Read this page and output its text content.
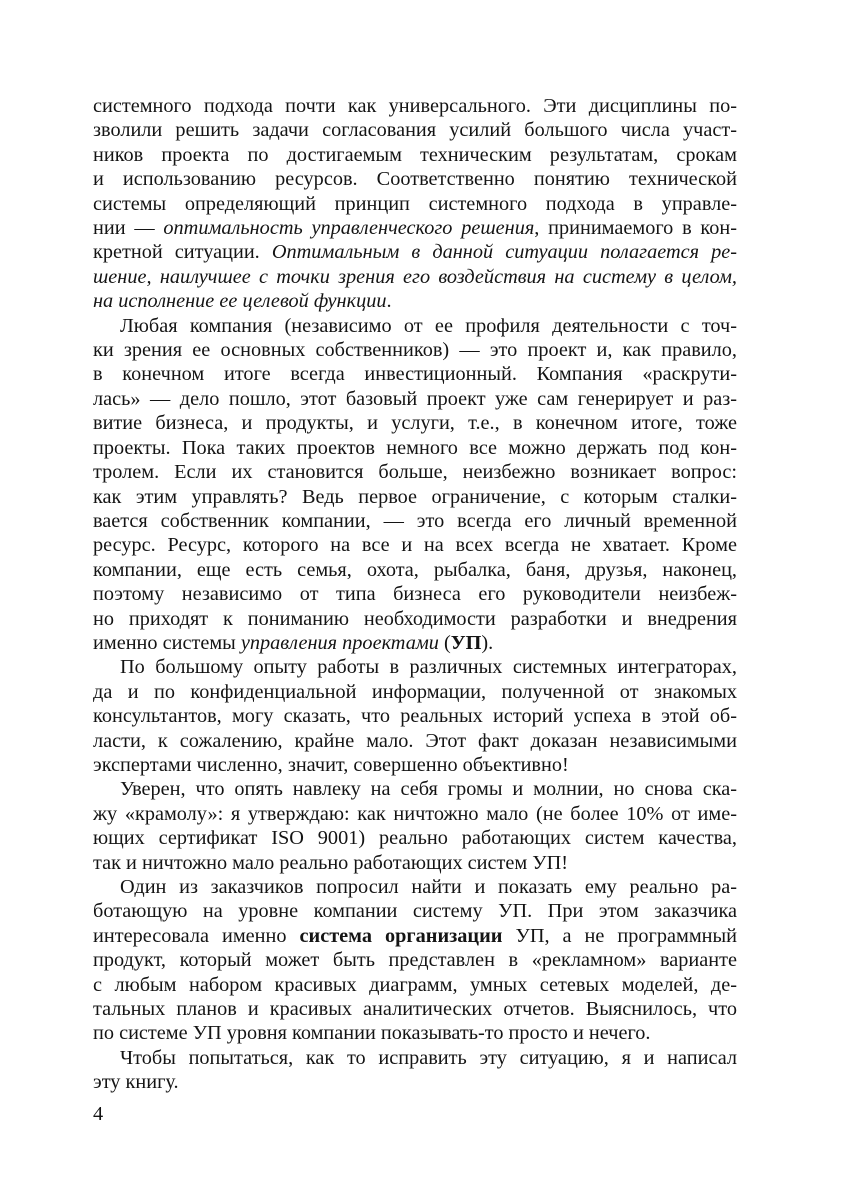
системного подхода почти как универсального. Эти дисциплины по-
зволили решить задачи согласования усилий большого числа участ-
ников проекта по достигаемым техническим результатам, срокам
и использованию ресурсов. Соответственно понятию технической
системы определяющий принцип системного подхода в управле-
нии — оптимальность управленческого решения, принимаемого в кон-
кретной ситуации. Оптимальным в данной ситуации полагается ре-
шение, наилучшее с точки зрения его воздействия на систему в целом,
на исполнение ее целевой функции.
Любая компания (независимо от ее профиля деятельности с точ-
ки зрения ее основных собственников) — это проект и, как правило,
в конечном итоге всегда инвестиционный. Компания «раскрути-
лась» — дело пошло, этот базовый проект уже сам генерирует и раз-
витие бизнеса, и продукты, и услуги, т.е., в конечном итоге, тоже
проекты. Пока таких проектов немного все можно держать под кон-
тролем. Если их становится больше, неизбежно возникает вопрос:
как этим управлять? Ведь первое ограничение, с которым сталки-
вается собственник компании, — это всегда его личный временной
ресурс. Ресурс, которого на все и на всех всегда не хватает. Кроме
компании, еще есть семья, охота, рыбалка, баня, друзья, наконец,
поэтому независимо от типа бизнеса его руководители неизбеж-
но приходят к пониманию необходимости разработки и внедрения
именно системы управления проектами (УП).
По большому опыту работы в различных системных интеграторах,
да и по конфиденциальной информации, полученной от знакомых
консультантов, могу сказать, что реальных историй успеха в этой об-
ласти, к сожалению, крайне мало. Этот факт доказан независимыми
экспертами численно, значит, совершенно объективно!
Уверен, что опять навлеку на себя громы и молнии, но снова ска-
жу «крамолу»: я утверждаю: как ничтожно мало (не более 10% от име-
ющих сертификат ISO 9001) реально работающих систем качества,
так и ничтожно мало реально работающих систем УП!
Один из заказчиков попросил найти и показать ему реально ра-
ботающую на уровне компании систему УП. При этом заказчика
интересовала именно система организации УП, а не программный
продукт, который может быть представлен в «рекламном» варианте
с любым набором красивых диаграмм, умных сетевых моделей, де-
тальных планов и красивых аналитических отчетов. Выяснилось, что
по системе УП уровня компании показывать-то просто и нечего.
Чтобы попытаться, как то исправить эту ситуацию, я и написал
эту книгу.
4
